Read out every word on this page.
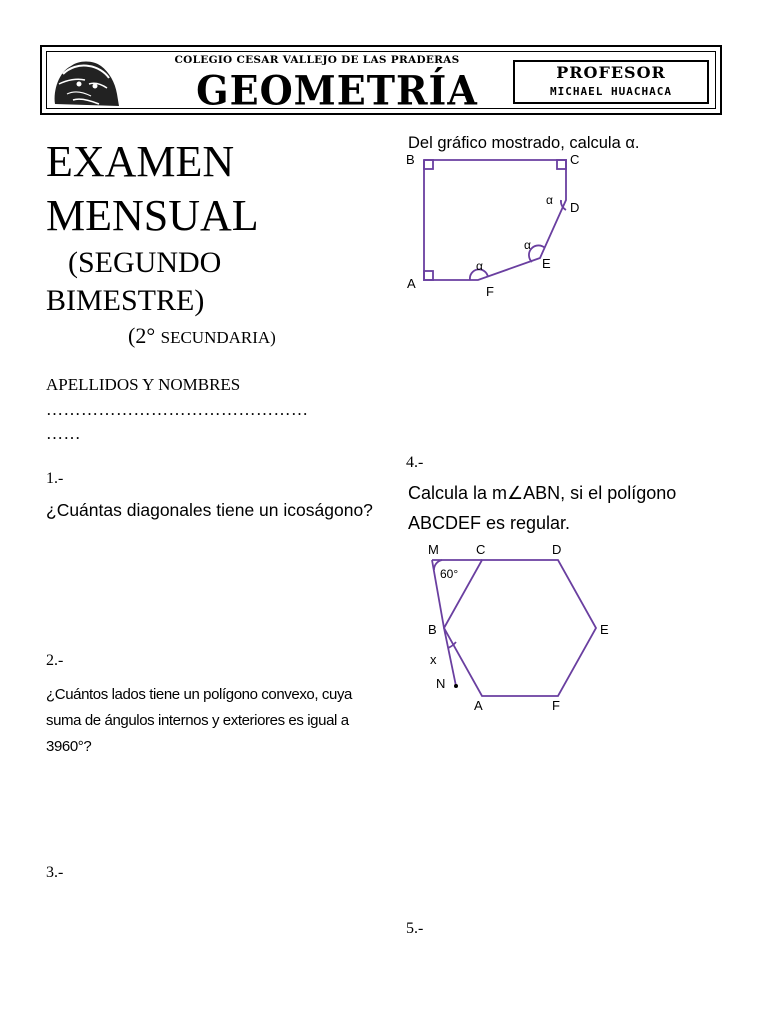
COLEGIO CESAR VALLEJO DE LAS PRADERAS
GEOMETRÍA	PROFESOR
MICHAEL HUACHACA
EXAMEN
MENSUAL
(SEGUNDO
BIMESTRE)
(2° SECUNDARIA)
APELLIDOS Y NOMBRES
………………………………………
……
1.-
¿Cuántas diagonales tiene un icoságono?
2.-
¿Cuántos lados tiene un polígono convexo, cuya suma de ángulos internos y exteriores es igual a 3960°?
3.-
Del gráfico mostrado, calcula α.
B	C
D
E
F
A
α
α
α
4.-
Calcula la m∠ABN, si el polígono
ABCDEF es regular.
M	C	D
B	E
x
N
A	F
60°
5.-
